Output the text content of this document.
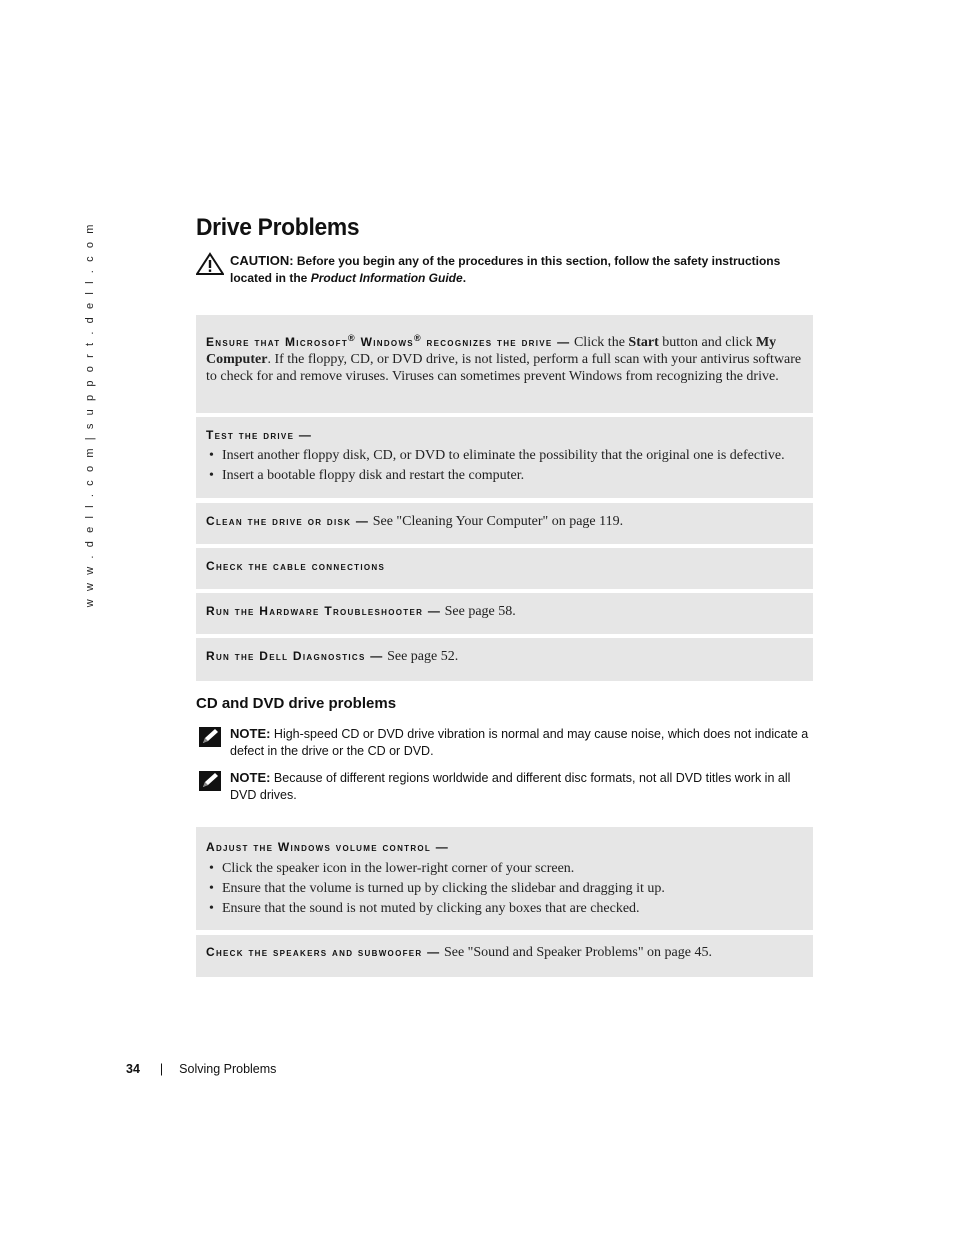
w w w . d e l l . c o m | s u p p o r t . d e l l . c o m	Drive Problems
CAUTION: Before you begin any of the procedures in this section, follow the safety instructions
located in the Product Information Guide.
Ensure that Microsoft® Windows® recognizes the drive — Click the Start button and click My Computer. If the floppy, CD, or DVD drive, is not listed, perform a full scan with your antivirus software to check for and remove viruses. Viruses can sometimes prevent Windows from recognizing the drive.
Test the drive —
• Insert another floppy disk, CD, or DVD to eliminate the possibility that the original one is defective.
• Insert a bootable floppy disk and restart the computer.
Clean the drive or disk — See "Cleaning Your Computer" on page 119.
Check the cable connections
Run the Hardware Troubleshooter — See page 58.
Run the Dell Diagnostics — See page 52.
CD and DVD drive problems
NOTE: High-speed CD or DVD drive vibration is normal and may cause noise, which does not indicate a defect in the drive or the CD or DVD.
NOTE: Because of different regions worldwide and different disc formats, not all DVD titles work in all DVD drives.
Adjust the Windows volume control —
• Click the speaker icon in the lower-right corner of your screen.
• Ensure that the volume is turned up by clicking the slidebar and dragging it up.
• Ensure that the sound is not muted by clicking any boxes that are checked.
Check the speakers and subwoofer — See "Sound and Speaker Problems" on page 45.
34 | Solving Problems
